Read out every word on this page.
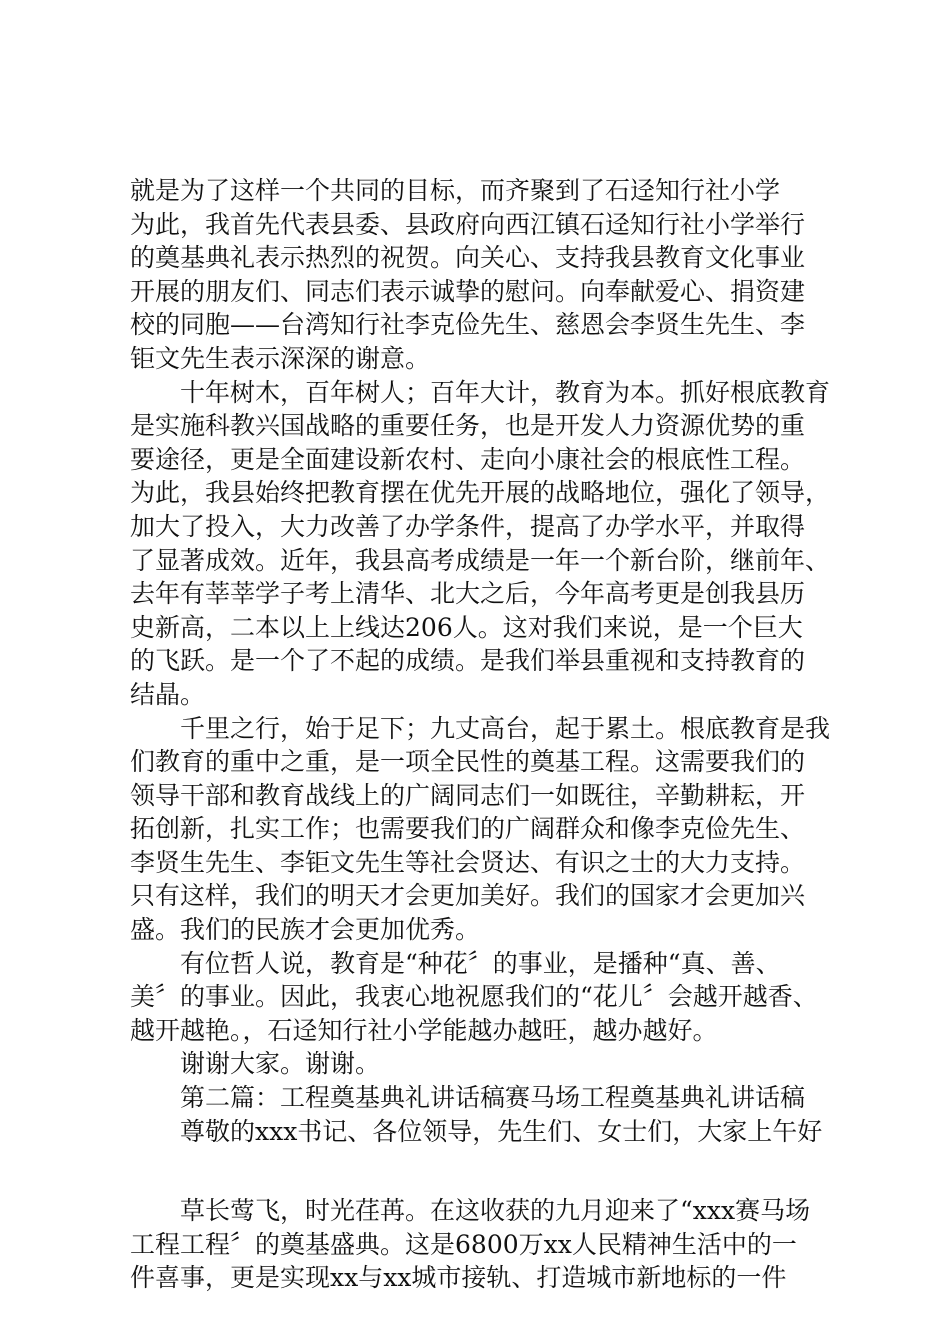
就是为了这样一个共同的目标，而齐聚到了石迳知行社小学
为此，我首先代表县委、县政府向西江镇石迳知行社小学举行
的奠基典礼表示热烈的祝贺。向关心、支持我县教育文化事业
开展的朋友们、同志们表示诚挚的慰问。向奉献爱心、捐资建
校的同胞——台湾知行社李克俭先生、慈恩会李贤生先生、李
钜文先生表示深深的谢意。
十年树木，百年树人；百年大计，教育为本。抓好根底教育
是实施科教兴国战略的重要任务，也是开发人力资源优势的重
要途径，更是全面建设新农村、走向小康社会的根底性工程。
为此，我县始终把教育摆在优先开展的战略地位，强化了领导，
加大了投入，大力改善了办学条件，提高了办学水平，并取得
了显著成效。近年，我县高考成绩是一年一个新台阶，继前年、
去年有莘莘学子考上清华、北大之后，今年高考更是创我县历
史新高，二本以上上线达206人。这对我们来说，是一个巨大
的飞跃。是一个了不起的成绩。是我们举县重视和支持教育的
结晶。
千里之行，始于足下；九丈高台，起于累土。根底教育是我
们教育的重中之重，是一项全民性的奠基工程。这需要我们的
领导干部和教育战线上的广阔同志们一如既往，辛勤耕耘，开
拓创新，扎实工作；也需要我们的广阔群众和像李克俭先生、
李贤生先生、李钜文先生等社会贤达、有识之士的大力支持。
只有这样，我们的明天才会更加美好。我们的国家才会更加兴
盛。我们的民族才会更加优秀。
有位哲人说，教育是“种花〞的事业，是播种“真、善、
美〞的事业。因此，我衷心地祝愿我们的“花儿〞会越开越香、
越开越艳。，石迳知行社小学能越办越旺，越办越好。
谢谢大家。谢谢。
第二篇：工程奠基典礼讲话稿赛马场工程奠基典礼讲话稿
尊敬的xxx书记、各位领导，先生们、女士们，大家上午好
草长莺飞，时光荏苒。在这收获的九月迎来了“xxx赛马场
工程工程〞的奠基盛典。这是6800万xx人民精神生活中的一
件喜事，更是实现xx与xx城市接轨、打造城市新地标的一件
